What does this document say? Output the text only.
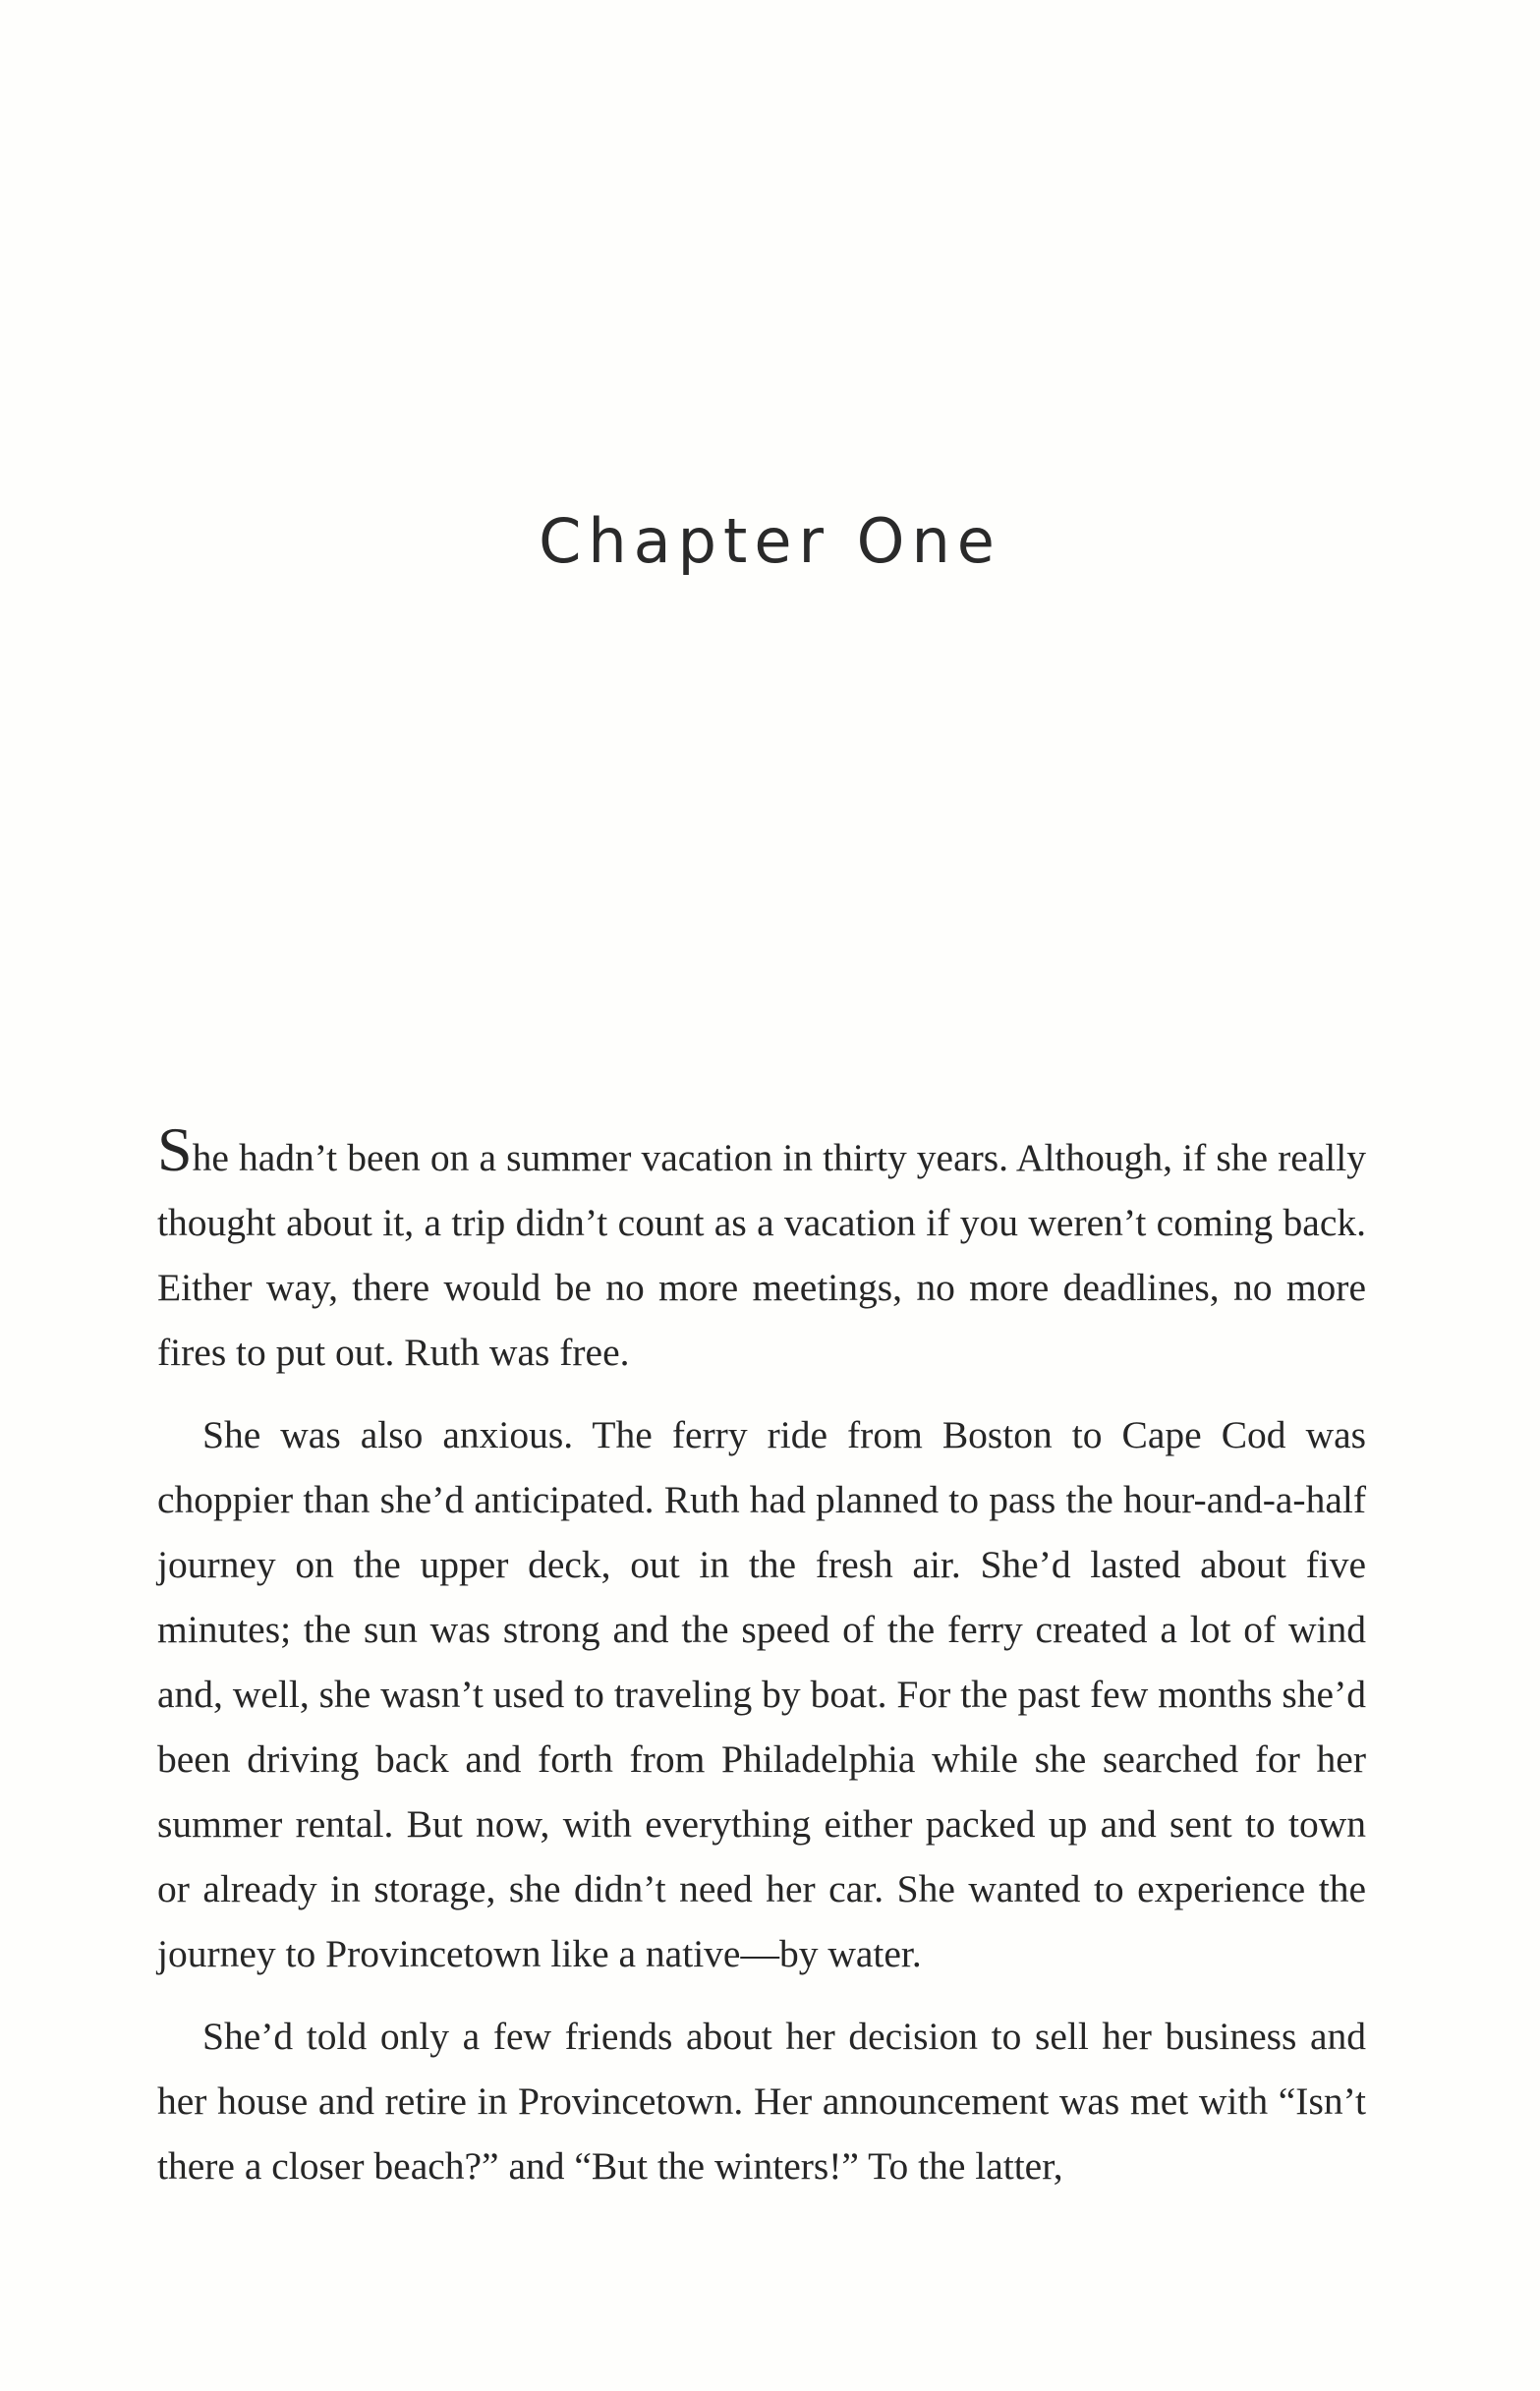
Chapter One

She hadn’t been on a summer vacation in thirty years. Although, if she really thought about it, a trip didn’t count as a vacation if you weren’t coming back. Either way, there would be no more meetings, no more deadlines, no more fires to put out. Ruth was free.

She was also anxious. The ferry ride from Boston to Cape Cod was choppier than she’d anticipated. Ruth had planned to pass the hour-and-a-half journey on the upper deck, out in the fresh air. She’d lasted about five minutes; the sun was strong and the speed of the ferry created a lot of wind and, well, she wasn’t used to traveling by boat. For the past few months she’d been driving back and forth from Philadelphia while she searched for her summer rental. But now, with everything either packed up and sent to town or already in storage, she didn’t need her car. She wanted to experience the journey to Provincetown like a native—by water.

She’d told only a few friends about her decision to sell her business and her house and retire in Provincetown. Her announcement was met with “Isn’t there a closer beach?” and “But the winters!” To the latter,
